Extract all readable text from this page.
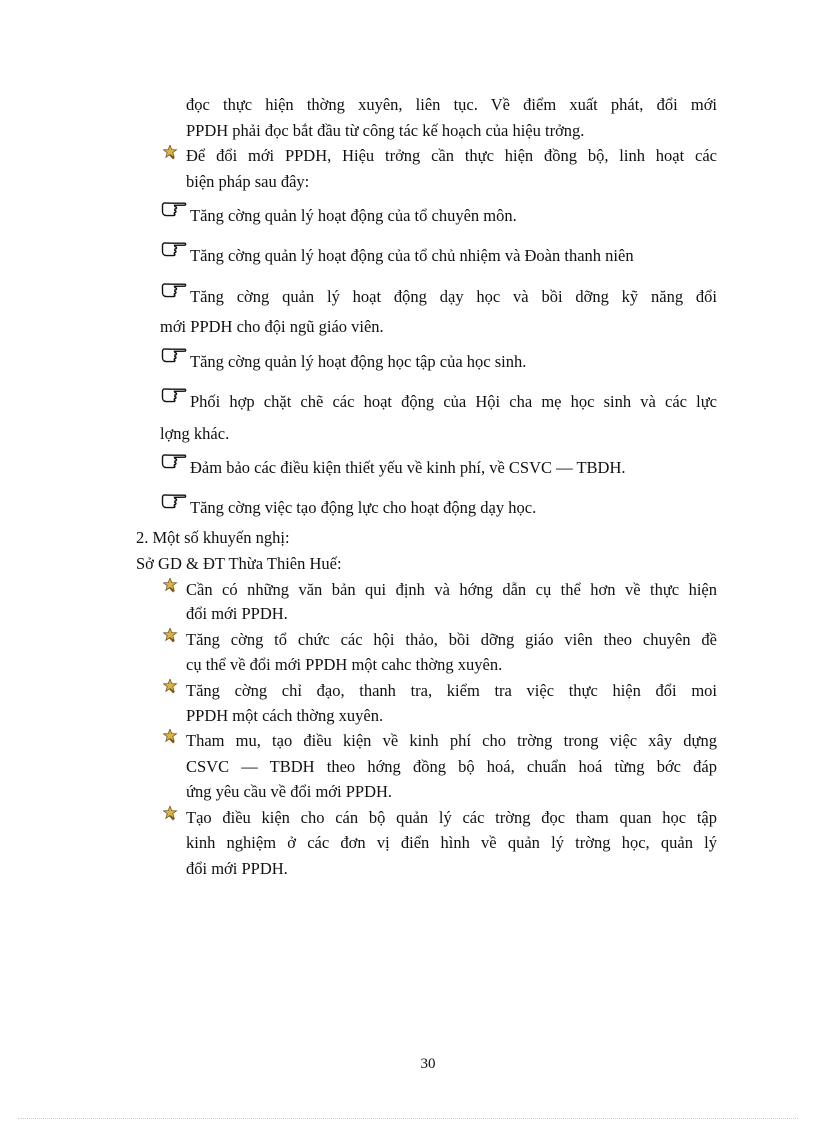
đọc thực hiện thờng xuyên, liên tục. Về điểm xuất phát, đổi mới
PPDH phải đọc bắt đầu từ công tác kế hoạch của hiệu trởng.
Để đổi mới PPDH, Hiệu trởng cần thực hiện đồng bộ, linh hoạt các
biện pháp sau đây:
Tăng cờng quản lý hoạt động của tổ chuyên môn.
Tăng cờng quản lý hoạt động của tổ chủ nhiệm và Đoàn thanh niên
Tăng cờng quản lý hoạt động dạy học và bồi dỡng kỹ năng đổi
mới PPDH cho đội ngũ giáo viên.
Tăng cờng quản lý hoạt động học tập của học sinh.
Phối hợp chặt chẽ các hoạt động của Hội cha mẹ học sinh và các lực
lợng khác.
Đảm bảo các điều kiện thiết yếu về kinh phí, về CSVC — TBDH.
Tăng cờng việc tạo động lực cho hoạt động dạy học.
2. Một số khuyến nghị:
Sở GD & ĐT Thừa Thiên Huế:
Cần có những văn bản qui định và hớng dẫn cụ thể hơn về thực hiện
đổi mới PPDH.
Tăng cờng tổ chức các hội thảo, bồi dỡng giáo viên theo chuyên đề
cụ thể về đổi mới PPDH một cahc thờng xuyên.
Tăng cờng chỉ đạo, thanh tra, kiểm tra việc thực hiện đổi moi
PPDH một cách thờng xuyên.
Tham mu, tạo điều kiện về kinh phí cho trờng trong việc xây dựng
CSVC — TBDH theo hớng đồng bộ hoá, chuẩn hoá từng bớc đáp
ứng yêu cầu về đổi mới PPDH.
Tạo điều kiện cho cán bộ quản lý các trờng đọc tham quan học tập
kinh nghiệm ở các đơn vị điển hình về quản lý trờng học, quản lý
đổi mới PPDH.
30
